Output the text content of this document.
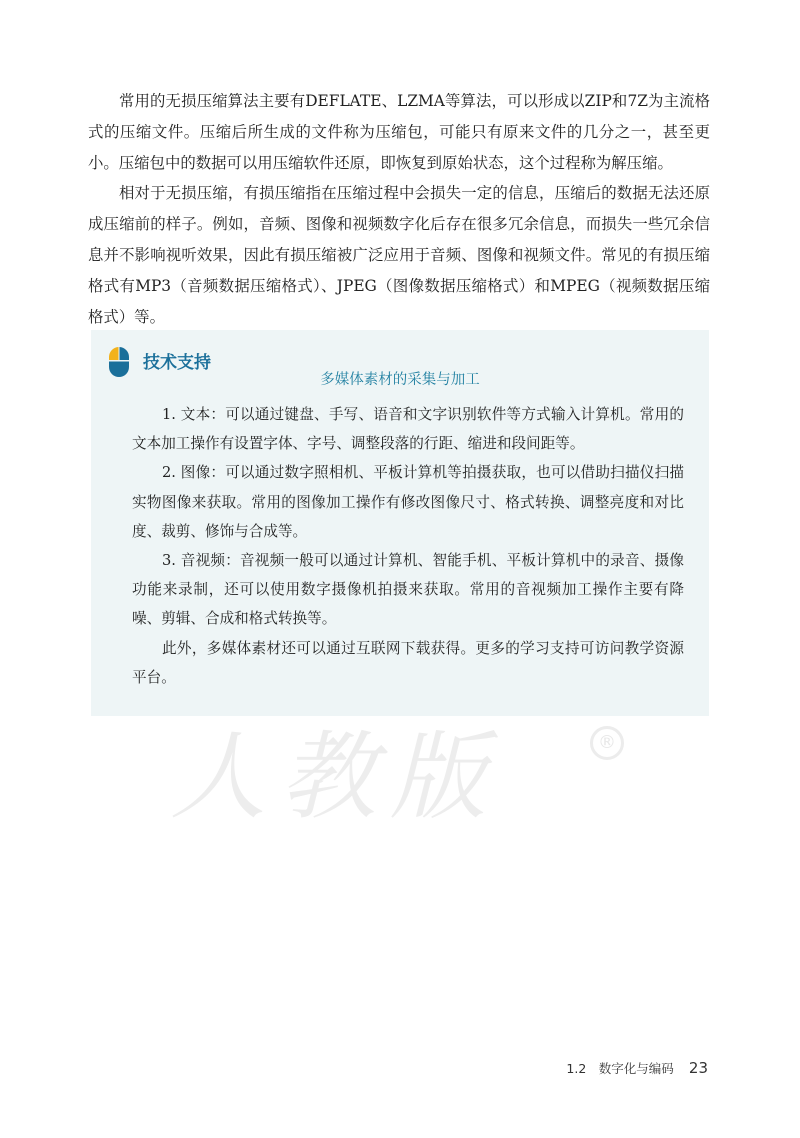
常用的无损压缩算法主要有DEFLATE、LZMA等算法，可以形成以ZIP和7Z为主流格式的压缩文件。压缩后所生成的文件称为压缩包，可能只有原来文件的几分之一，甚至更小。压缩包中的数据可以用压缩软件还原，即恢复到原始状态，这个过程称为解压缩。

相对于无损压缩，有损压缩指在压缩过程中会损失一定的信息，压缩后的数据无法还原成压缩前的样子。例如，音频、图像和视频数字化后存在很多冗余信息，而损失一些冗余信息并不影响视听效果，因此有损压缩被广泛应用于音频、图像和视频文件。常见的有损压缩格式有MP3（音频数据压缩格式）、JPEG（图像数据压缩格式）和MPEG（视频数据压缩格式）等。

技术支持
多媒体素材的采集与加工

1. 文本：可以通过键盘、手写、语音和文字识别软件等方式输入计算机。常用的文本加工操作有设置字体、字号、调整段落的行距、缩进和段间距等。

2. 图像：可以通过数字照相机、平板计算机等拍摄获取，也可以借助扫描仪扫描实物图像来获取。常用的图像加工操作有修改图像尺寸、格式转换、调整亮度和对比度、裁剪、修饰与合成等。

3. 音视频：音视频一般可以通过计算机、智能手机、平板计算机中的录音、摄像功能来录制，还可以使用数字摄像机拍摄来获取。常用的音视频加工操作主要有降噪、剪辑、合成和格式转换等。

此外，多媒体素材还可以通过互联网下载获得。更多的学习支持可访问教学资源平台。

人教版	®
1.2　数字化与编码 23
